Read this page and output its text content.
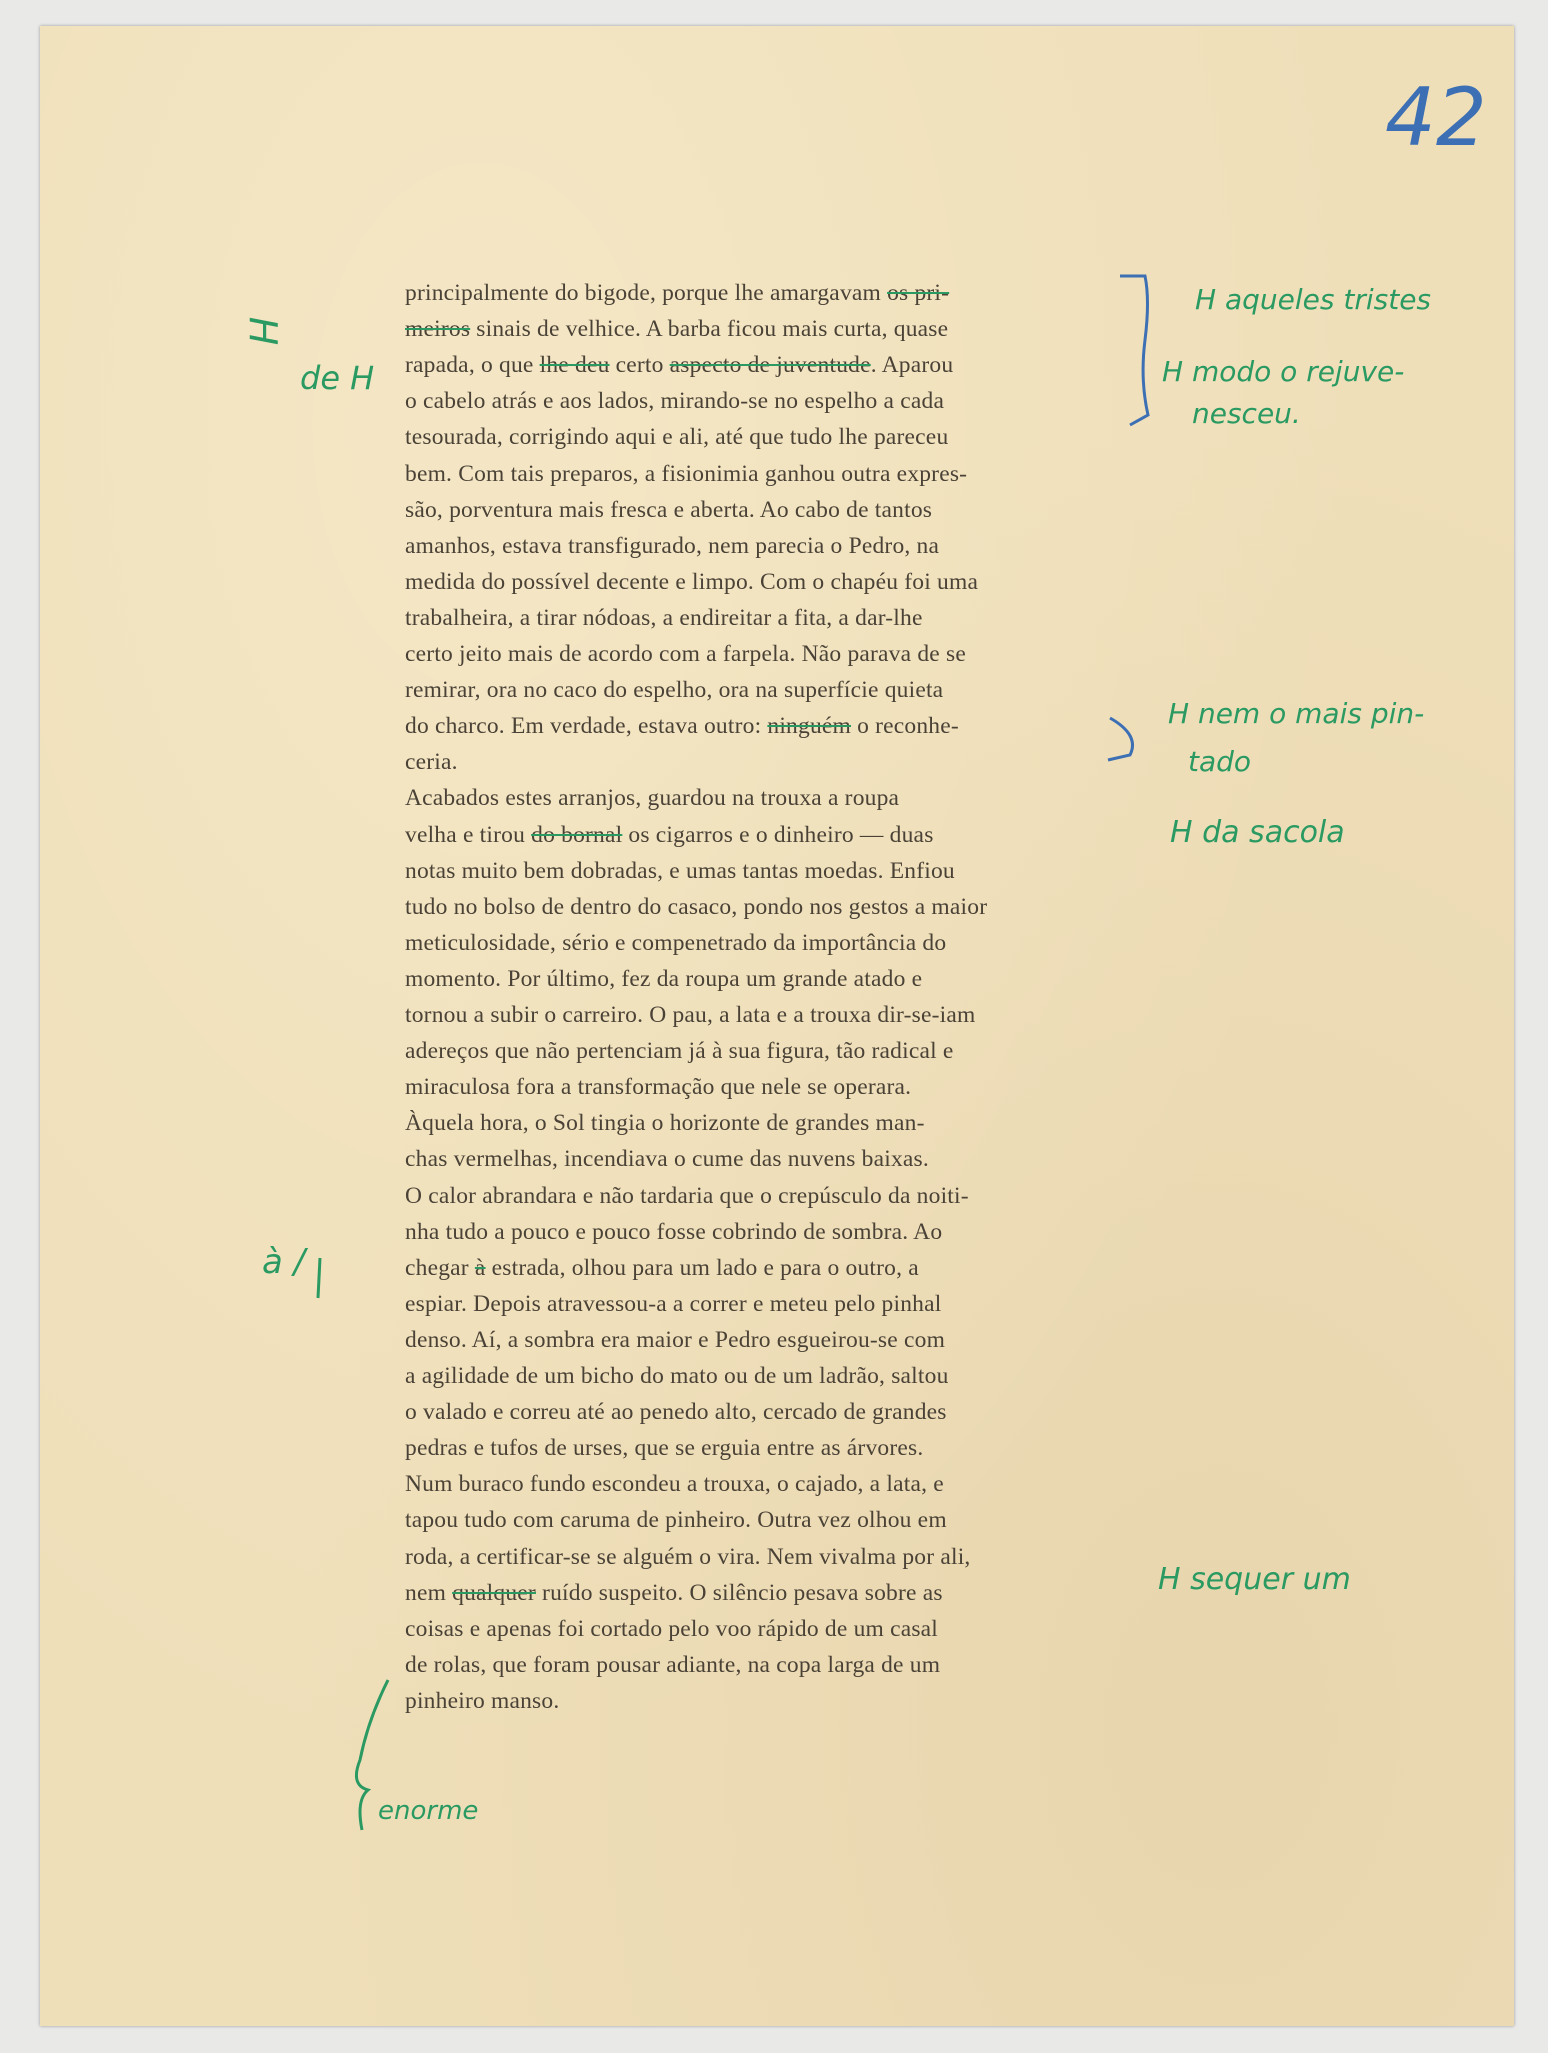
42
principalmente do bigode, porque lhe amargavam os pri-
meiros sinais de velhice. A barba ficou mais curta, quase
rapada, o que lhe deu certo aspecto de juventude. Aparou
o cabelo atrás e aos lados, mirando-se no espelho a cada
tesourada, corrigindo aqui e ali, até que tudo lhe pareceu
bem. Com tais preparos, a fisionimia ganhou outra expres-
são, porventura mais fresca e aberta. Ao cabo de tantos
amanhos, estava transfigurado, nem parecia o Pedro, na
medida do possível decente e limpo. Com o chapéu foi uma
trabalheira, a tirar nódoas, a endireitar a fita, a dar-lhe
certo jeito mais de acordo com a farpela. Não parava de se
remirar, ora no caco do espelho, ora na superfície quieta
do charco. Em verdade, estava outro: ninguém o reconhe-
ceria.
Acabados estes arranjos, guardou na trouxa a roupa
velha e tirou do bornal os cigarros e o dinheiro — duas
notas muito bem dobradas, e umas tantas moedas. Enfiou
tudo no bolso de dentro do casaco, pondo nos gestos a maior
meticulosidade, sério e compenetrado da importância do
momento. Por último, fez da roupa um grande atado e
tornou a subir o carreiro. O pau, a lata e a trouxa dir-se-iam
adereços que não pertenciam já à sua figura, tão radical e
miraculosa fora a transformação que nele se operara.
Àquela hora, o Sol tingia o horizonte de grandes man-
chas vermelhas, incendiava o cume das nuvens baixas.
O calor abrandara e não tardaria que o crepúsculo da noiti-
nha tudo a pouco e pouco fosse cobrindo de sombra. Ao
chegar à estrada, olhou para um lado e para o outro, a
espiar. Depois atravessou-a a correr e meteu pelo pinhal
denso. Aí, a sombra era maior e Pedro esgueirou-se com
a agilidade de um bicho do mato ou de um ladrão, saltou
o valado e correu até ao penedo alto, cercado de grandes
pedras e tufos de urses, que se erguia entre as árvores.
Num buraco fundo escondeu a trouxa, o cajado, a lata, e
tapou tudo com caruma de pinheiro. Outra vez olhou em
roda, a certificar-se se alguém o vira. Nem vivalma por ali,
nem qualquer ruído suspeito. O silêncio pesava sobre as
coisas e apenas foi cortado pelo voo rápido de um casal
de rolas, que foram pousar adiante, na copa larga de um
pinheiro manso.
H
de H
à /
enorme
H aqueles tristes
H modo o rejuve-
nesceu.
H nem o mais pin-
tado
H da sacola
H sequer um
